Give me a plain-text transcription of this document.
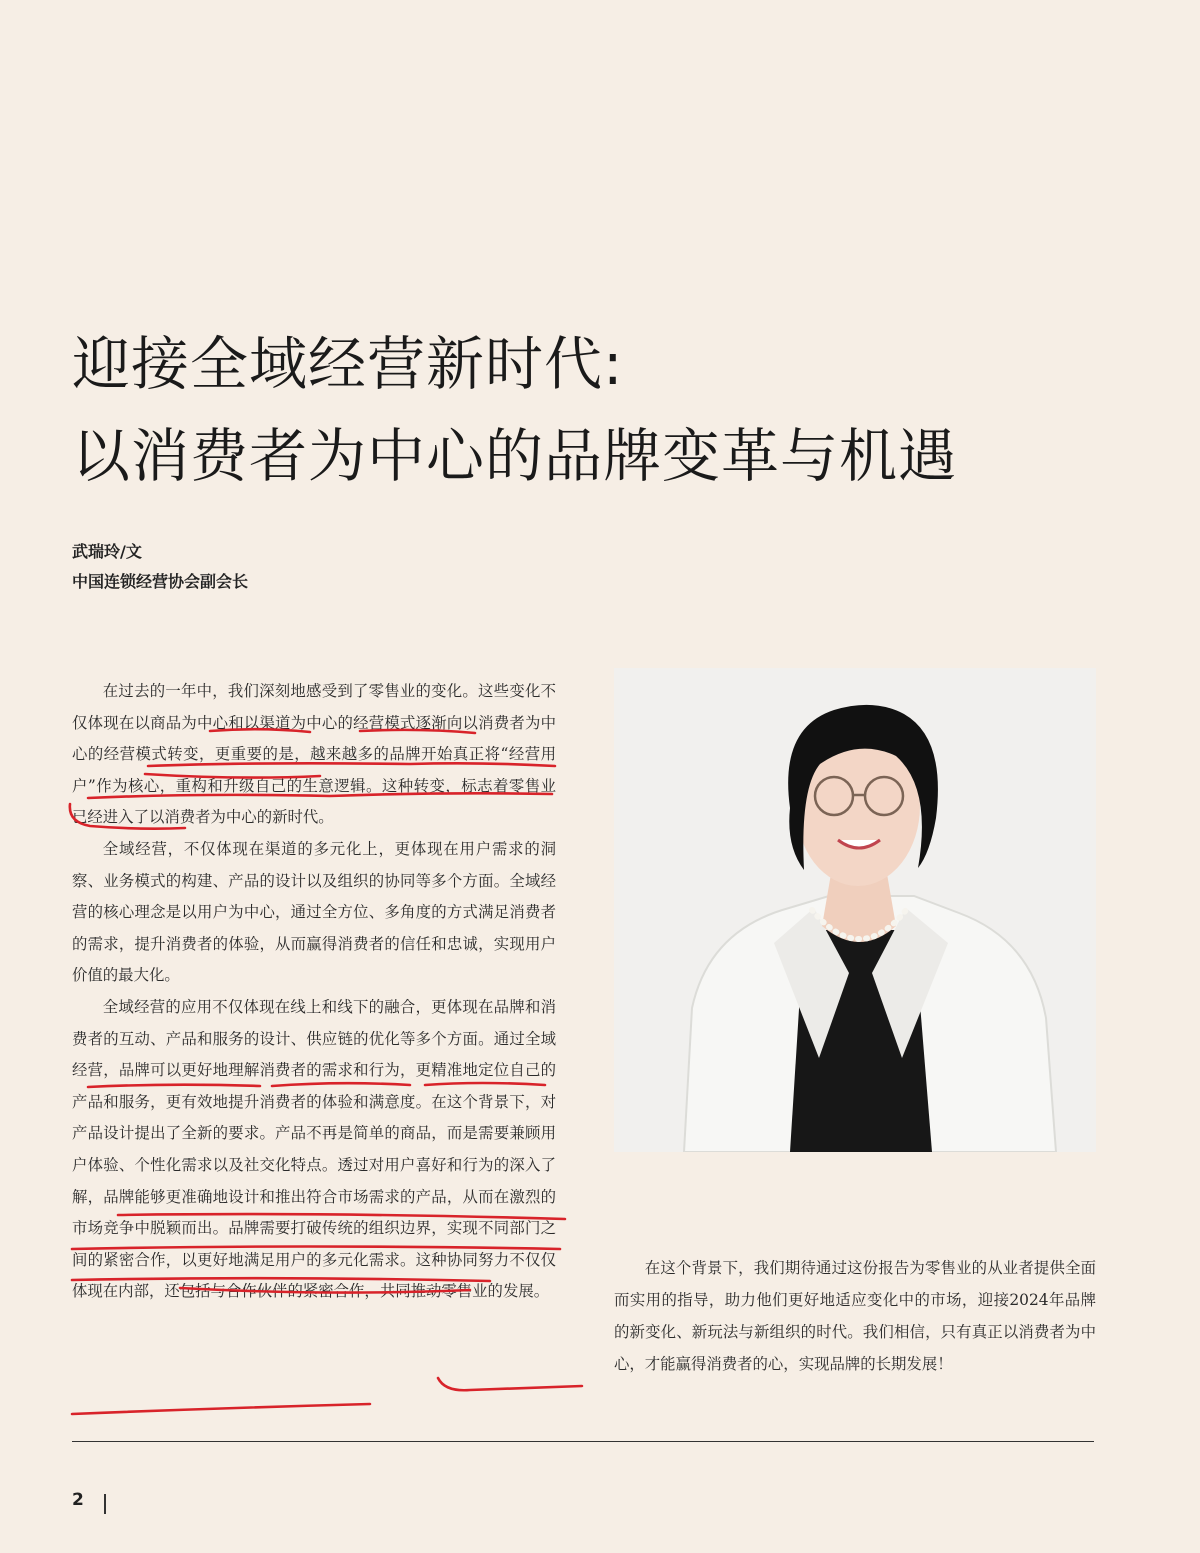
迎接全域经营新时代:
以消费者为中心的品牌变革与机遇
武瑞玲/文
中国连锁经营协会副会长

在过去的一年中，我们深刻地感受到了零售业的变化。这些变化不仅体现在以商品为中心和以渠道为中心的经营模式逐渐向以消费者为中心的经营模式转变，更重要的是，越来越多的品牌开始真正将“经营用户”作为核心，重构和升级自己的生意逻辑。这种转变，标志着零售业已经进入了以消费者为中心的新时代。

全域经营，不仅体现在渠道的多元化上，更体现在用户需求的洞察、业务模式的构建、产品的设计以及组织的协同等多个方面。全域经营的核心理念是以用户为中心，通过全方位、多角度的方式满足消费者的需求，提升消费者的体验，从而赢得消费者的信任和忠诚，实现用户价值的最大化。

全域经营的应用不仅体现在线上和线下的融合，更体现在品牌和消费者的互动、产品和服务的设计、供应链的优化等多个方面。通过全域经营，品牌可以更好地理解消费者的需求和行为，更精准地定位自己的产品和服务，更有效地提升消费者的体验和满意度。在这个背景下，对产品设计提出了全新的要求。产品不再是简单的商品，而是需要兼顾用户体验、个性化需求以及社交化特点。透过对用户喜好和行为的深入了解，品牌能够更准确地设计和推出符合市场需求的产品，从而在激烈的市场竞争中脱颖而出。品牌需要打破传统的组织边界，实现不同部门之间的紧密合作，以更好地满足用户的多元化需求。这种协同努力不仅仅体现在内部，还包括与合作伙伴的紧密合作，共同推动零售业的发展。

在这个背景下，我们期待通过这份报告为零售业的从业者提供全面而实用的指导，助力他们更好地适应变化中的市场，迎接2024年品牌的新变化、新玩法与新组织的时代。我们相信，只有真正以消费者为中心，才能赢得消费者的心，实现品牌的长期发展！

2
